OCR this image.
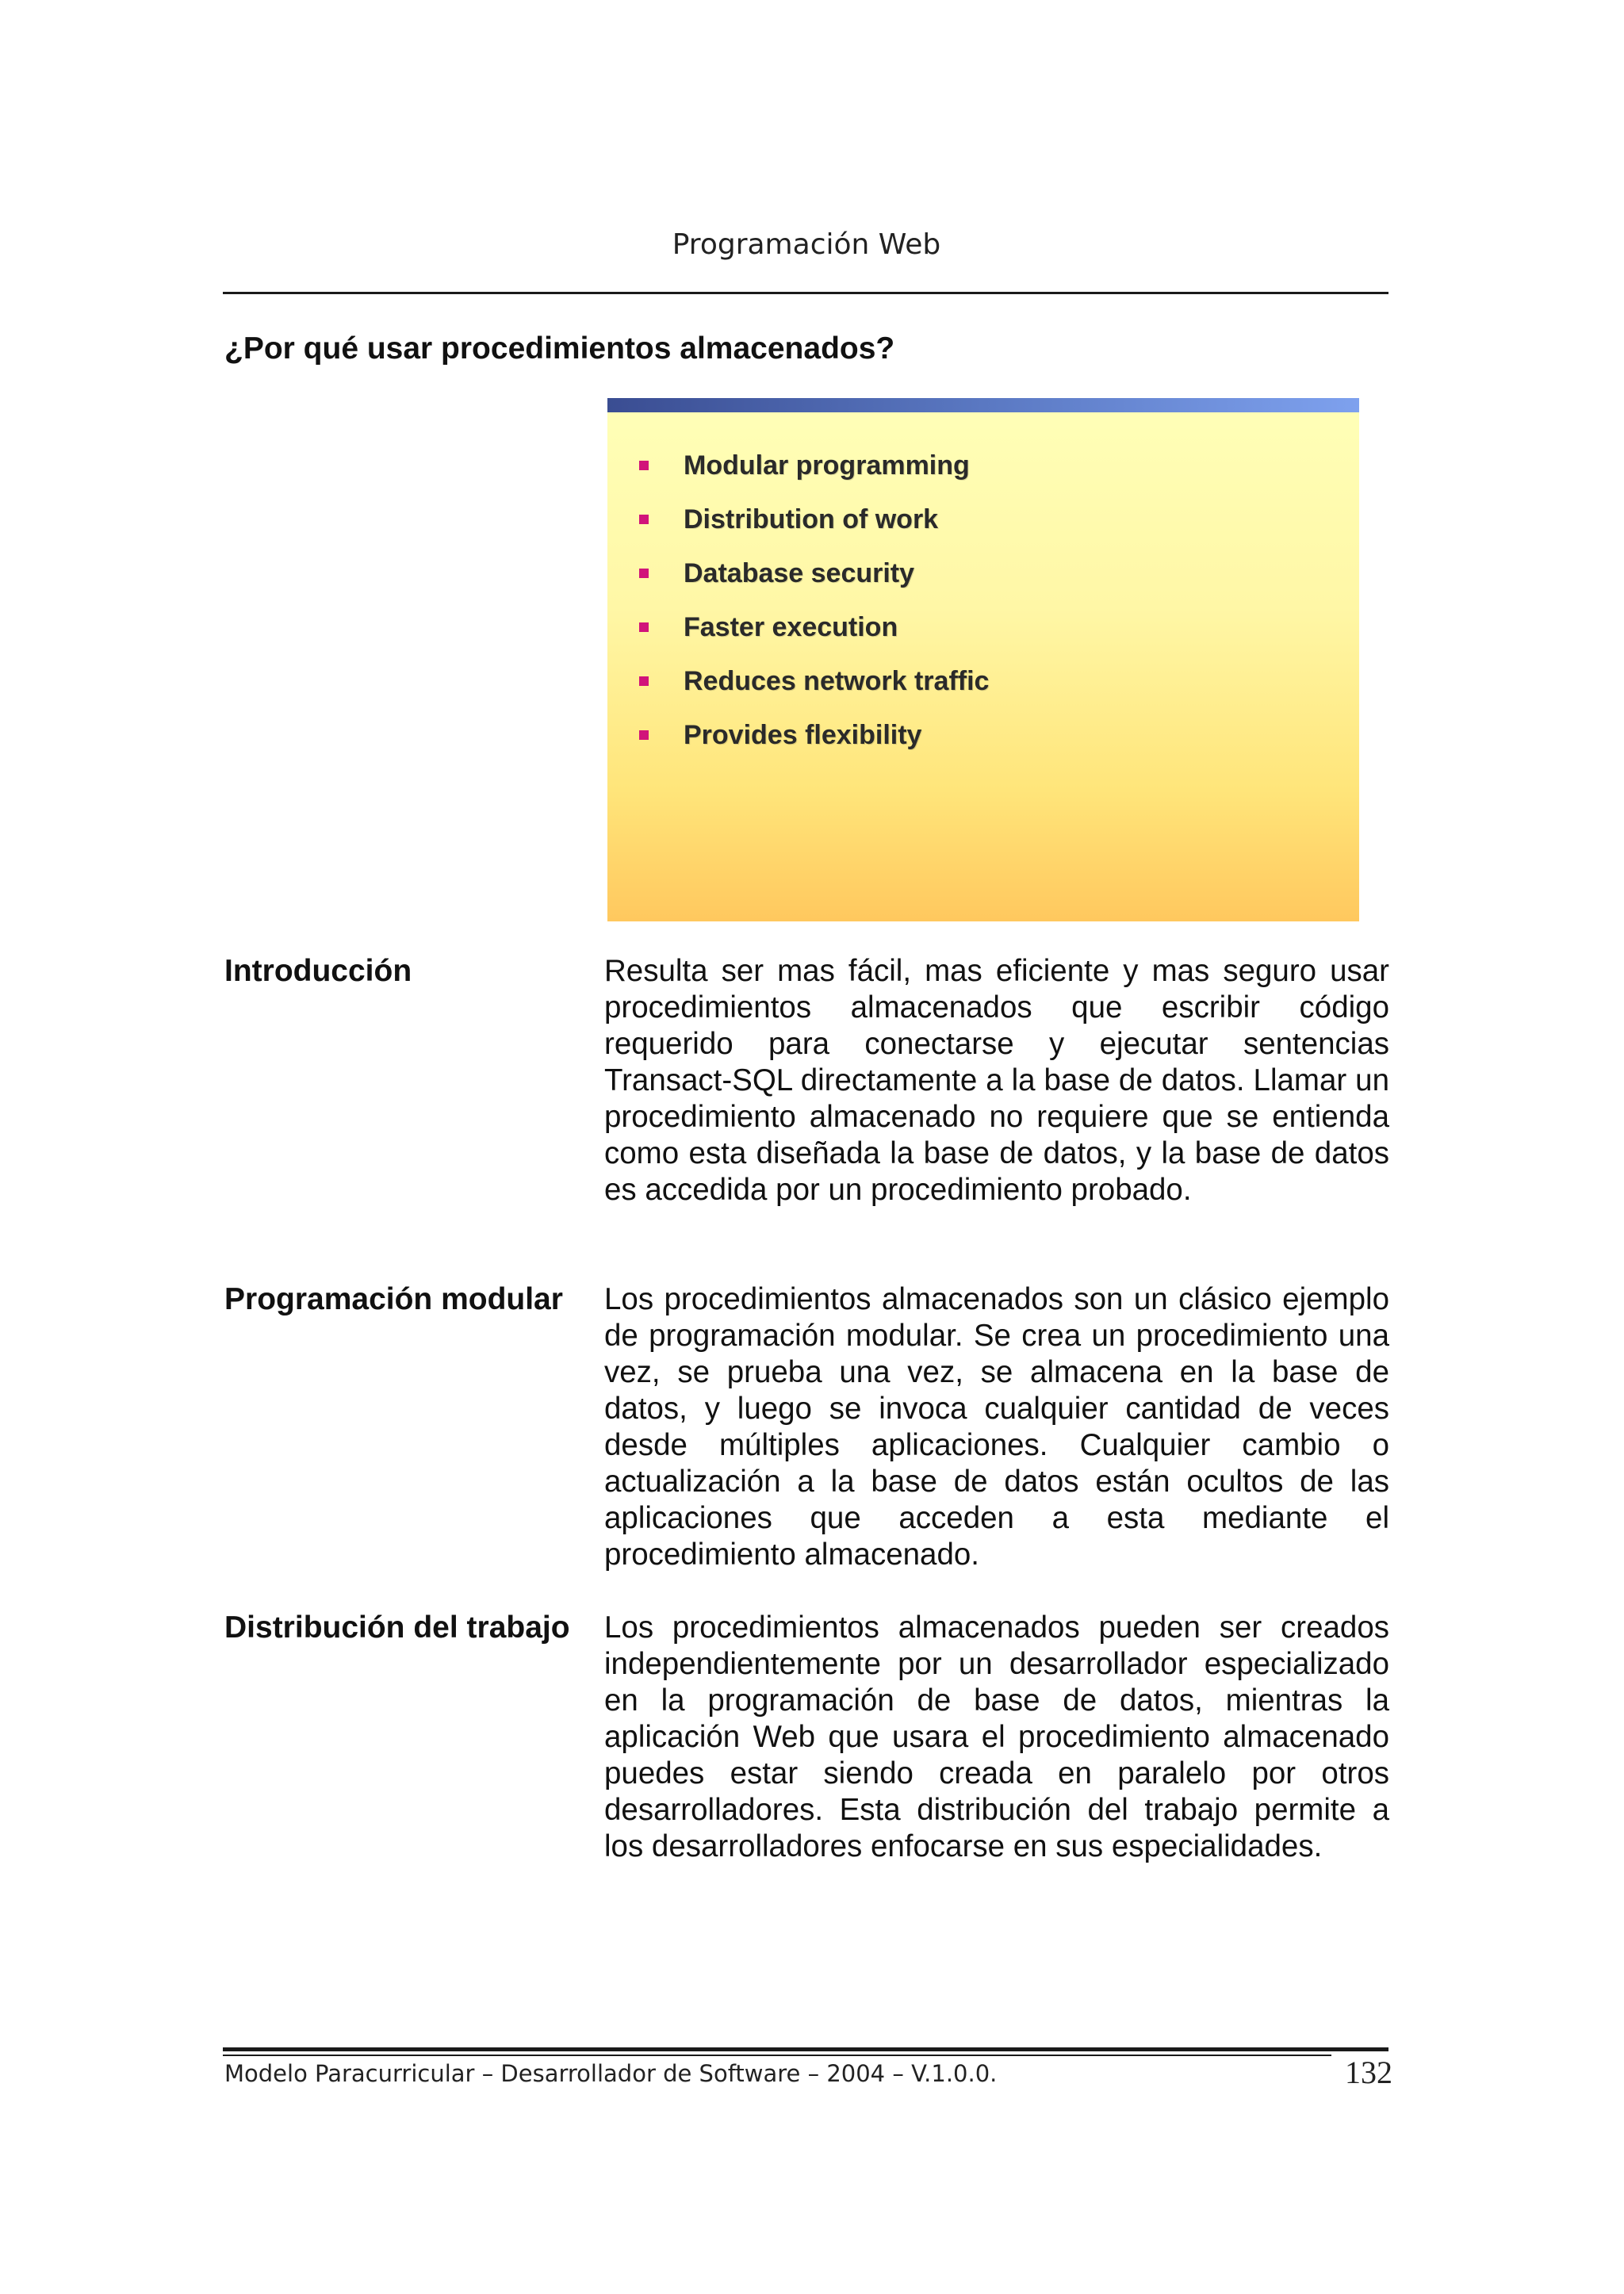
Programación Web
¿Por qué usar procedimientos almacenados?
Modular programming
Distribution of work
Database security
Faster execution
Reduces network traffic
Provides flexibility
Introducción	Resulta ser mas fácil, mas eficiente y mas seguro usar procedimientos almacenados que escribir código requerido para conectarse y ejecutar sentencias Transact-SQL directamente a la base de datos. Llamar un procedimiento almacenado no requiere que se entienda como esta diseñada la base de datos, y la base de datos es accedida por un procedimiento probado.

Programación modular Los procedimientos almacenados son un clásico ejemplo de programación modular. Se crea un procedimiento una vez, se prueba una vez, se almacena en la base de datos, y luego se invoca cualquier cantidad de veces desde múltiples aplicaciones. Cualquier cambio o actualización a la base de datos están ocultos de las aplicaciones que acceden a esta mediante el procedimiento almacenado.

Distribución del trabajo Los procedimientos almacenados pueden ser creados independientemente por un desarrollador especializado en la programación de base de datos, mientras la aplicación Web que usara el procedimiento almacenado puedes estar siendo creada en paralelo por otros desarrolladores. Esta distribución del trabajo permite a los desarrolladores enfocarse en sus especialidades.

Modelo Paracurricular – Desarrollador de Software – 2004 – V.1.0.0.	132
